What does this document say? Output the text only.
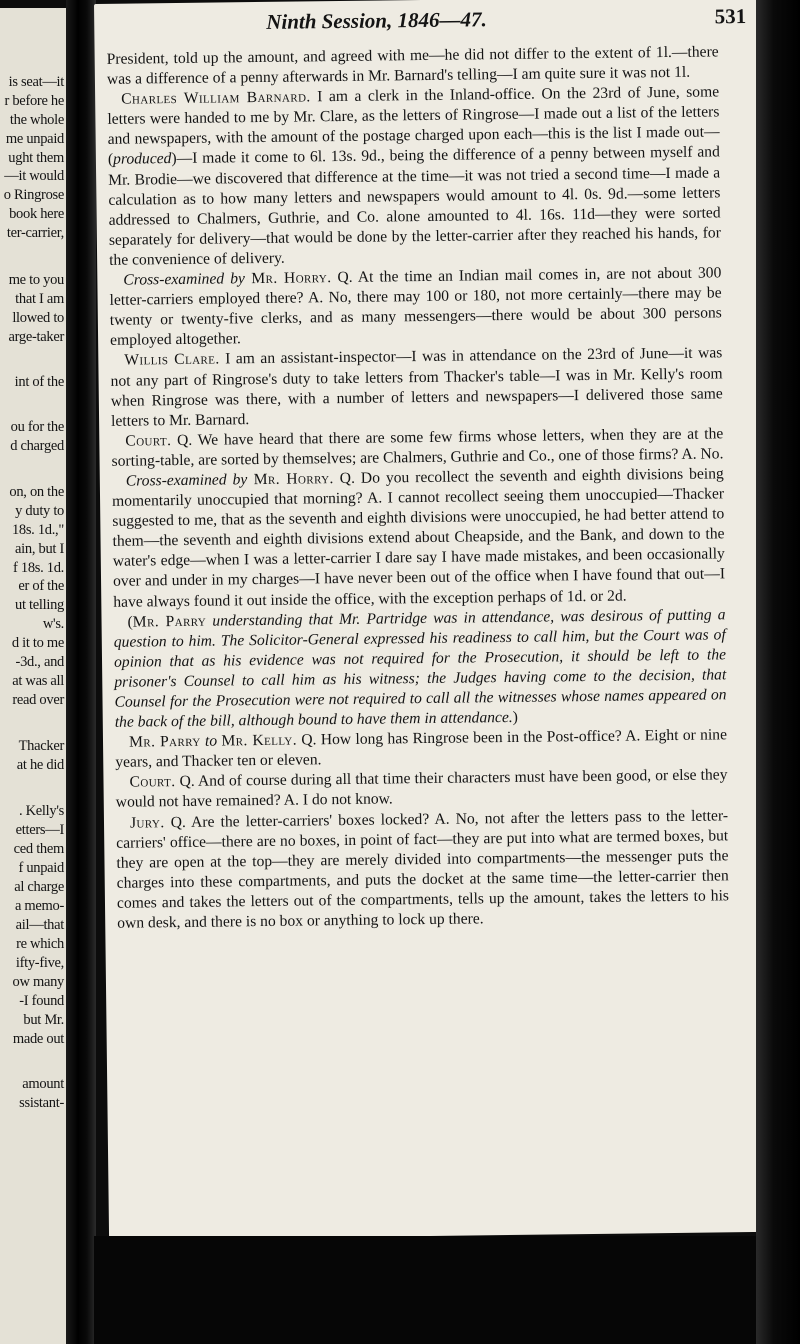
is seat—it
r before he
the whole
me unpaid
ught them
—it would
o Ringrose
book here
ter-carrier,
me to you
that I am
llowed to
arge-taker
int of the
ou for the
d charged
on, on the
y duty to
18s. 1d.,"
ain, but I
f 18s. 1d.
er of the
ut telling
w's.
d it to me
-3d., and
at was all
read over
Thacker
at he did
. Kelly's
etters—I
ced them
f unpaid
al charge
a memo-
ail—that
re which
ifty-five,
ow many
-I found
but Mr.
made out
amount
ssistant-
Ninth Session, 1846—47.	531

President, told up the amount, and agreed with me—he did not differ to the extent of 1l.—there was a difference of a penny afterwards in Mr. Barnard's telling—I am quite sure it was not 1l.

Charles William Barnard. I am a clerk in the Inland-office. On the 23rd of June, some letters were handed to me by Mr. Clare, as the letters of Ringrose—I made out a list of the letters and newspapers, with the amount of the postage charged upon each—this is the list I made out—(produced)—I made it come to 6l. 13s. 9d., being the difference of a penny between myself and Mr. Brodie—we discovered that difference at the time—it was not tried a second time—I made a calculation as to how many letters and newspapers would amount to 4l. 0s. 9d.—some letters addressed to Chalmers, Guthrie, and Co. alone amounted to 4l. 16s. 11d—they were sorted separately for delivery—that would be done by the letter-carrier after they reached his hands, for the convenience of delivery.

Cross-examined by Mr. Horry. Q. At the time an Indian mail comes in, are not about 300 letter-carriers employed there? A. No, there may 100 or 180, not more certainly—there may be twenty or twenty-five clerks, and as many messengers—there would be about 300 persons employed altogether.

Willis Clare. I am an assistant-inspector—I was in attendance on the 23rd of June—it was not any part of Ringrose's duty to take letters from Thacker's table—I was in Mr. Kelly's room when Ringrose was there, with a number of letters and newspapers—I delivered those same letters to Mr. Barnard.

Court. Q. We have heard that there are some few firms whose letters, when they are at the sorting-table, are sorted by themselves; are Chalmers, Guthrie and Co., one of those firms? A. No.

Cross-examined by Mr. Horry. Q. Do you recollect the seventh and eighth divisions being momentarily unoccupied that morning? A. I cannot recollect seeing them unoccupied—Thacker suggested to me, that as the seventh and eighth divisions were unoccupied, he had better attend to them—the seventh and eighth divisions extend about Cheapside, and the Bank, and down to the water's edge—when I was a letter-carrier I dare say I have made mistakes, and been occasionally over and under in my charges—I have never been out of the office when I have found that out—I have always found it out inside the office, with the exception perhaps of 1d. or 2d.

(Mr. Parry understanding that Mr. Partridge was in attendance, was desirous of putting a question to him. The Solicitor-General expressed his readiness to call him, but the Court was of opinion that as his evidence was not required for the Prosecution, it should be left to the prisoner's Counsel to call him as his witness; the Judges having come to the decision, that Counsel for the Prosecution were not required to call all the witnesses whose names appeared on the back of the bill, although bound to have them in attendance.)

Mr. Parry to Mr. Kelly. Q. How long has Ringrose been in the Post-office? A. Eight or nine years, and Thacker ten or eleven.

Court. Q. And of course during all that time their characters must have been good, or else they would not have remained? A. I do not know.

Jury. Q. Are the letter-carriers' boxes locked? A. No, not after the letters pass to the letter-carriers' office—there are no boxes, in point of fact—they are put into what are termed boxes, but they are open at the top—they are merely divided into compartments—the messenger puts the charges into these compartments, and puts the docket at the same time—the letter-carrier then comes and takes the letters out of the compartments, tells up the amount, takes the letters to his own desk, and there is no box or anything to lock up there.
